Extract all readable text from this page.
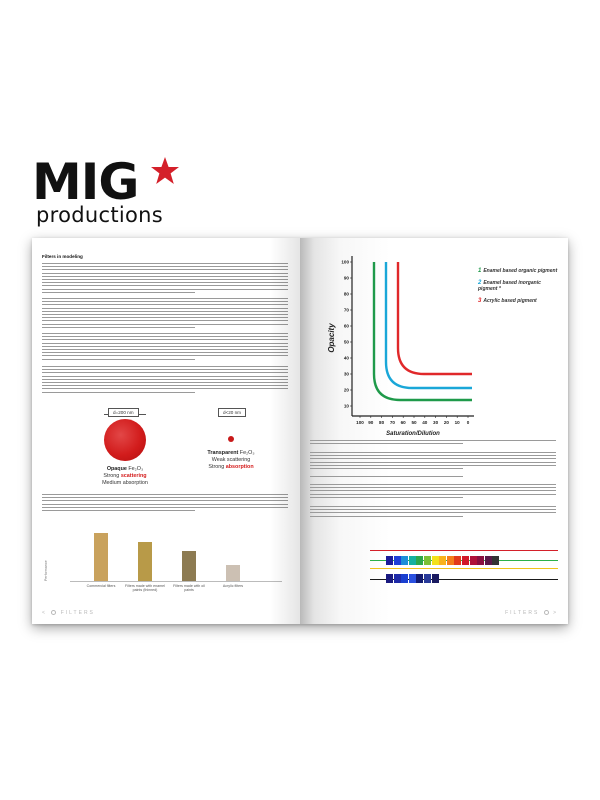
MIG
productions
Filters in modeling
d=200 nm	d<20 nm
Opaque Fe₂O₃
Strong scattering
Medium absorption
Transparent Fe₂O₃
Weak scattering
Strong absorption
Performance
Commercial filters	Filters made with enamel paints (thinned)
Filters made with oil paints
Acrylic filters
<  FILTERS
100
90
80
70
60
50
40
30
20
10
100 90 80 70 60 50 40 30 20 10 0
Opacity
Saturation/Dilution
1 Enamel based organic pigment
2 Enamel based inorganic pigment *
3 Acrylic based pigment
FILTERS  >
